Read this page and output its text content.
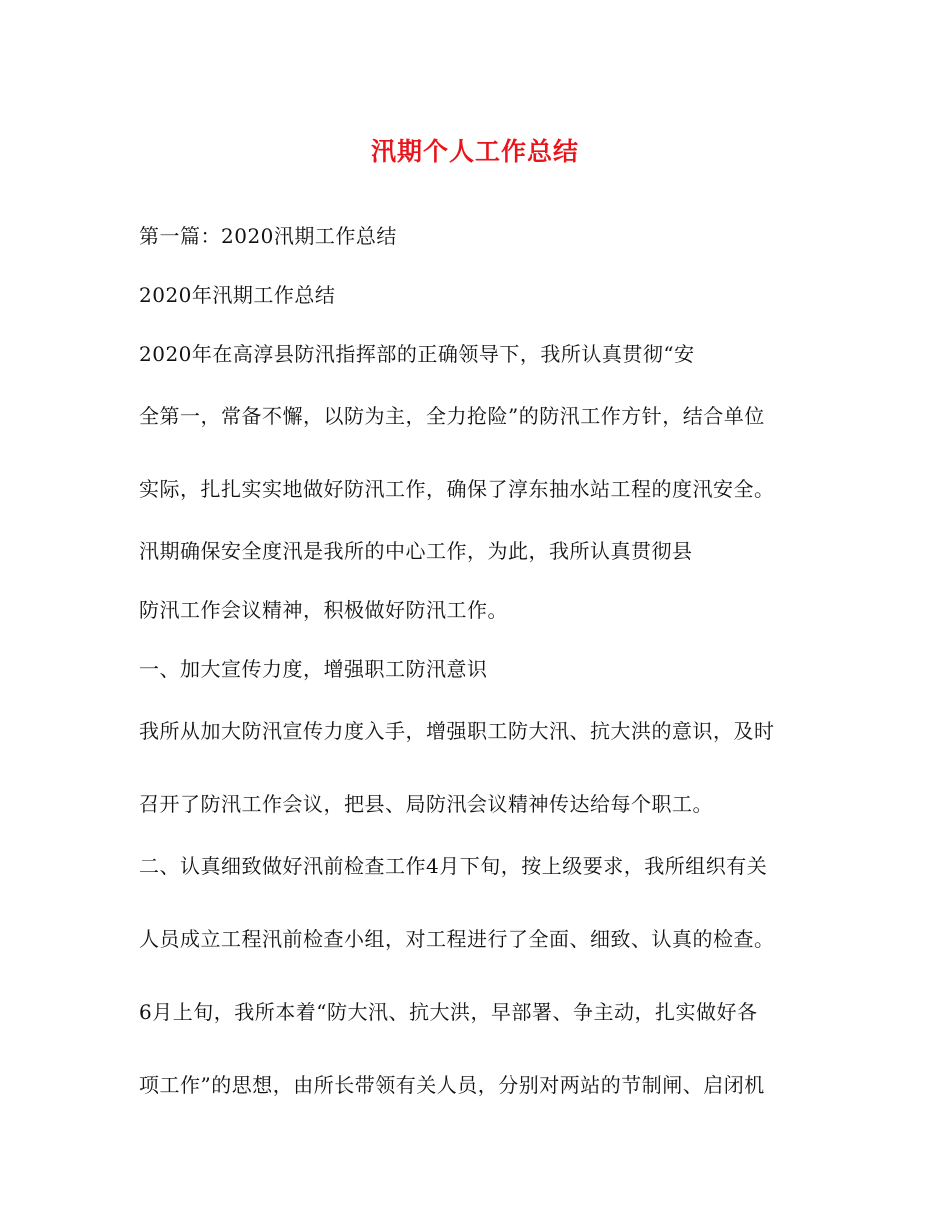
汛期个人工作总结
第一篇：2020汛期工作总结
2020年汛期工作总结
2020年在高淳县防汛指挥部的正确领导下，我所认真贯彻“安
全第一，常备不懈，以防为主，全力抢险”的防汛工作方针，结合单位
实际，扎扎实实地做好防汛工作，确保了淳东抽水站工程的度汛安全。
汛期确保安全度汛是我所的中心工作，为此，我所认真贯彻县
防汛工作会议精神，积极做好防汛工作。
一、加大宣传力度，增强职工防汛意识
我所从加大防汛宣传力度入手，增强职工防大汛、抗大洪的意识，及时
召开了防汛工作会议，把县、局防汛会议精神传达给每个职工。
二、认真细致做好汛前检查工作4月下旬，按上级要求，我所组织有关
人员成立工程汛前检查小组，对工程进行了全面、细致、认真的检查。
6月上旬，我所本着“防大汛、抗大洪，早部署、争主动，扎实做好各
项工作”的思想，由所长带领有关人员，分别对两站的节制闸、启闭机
